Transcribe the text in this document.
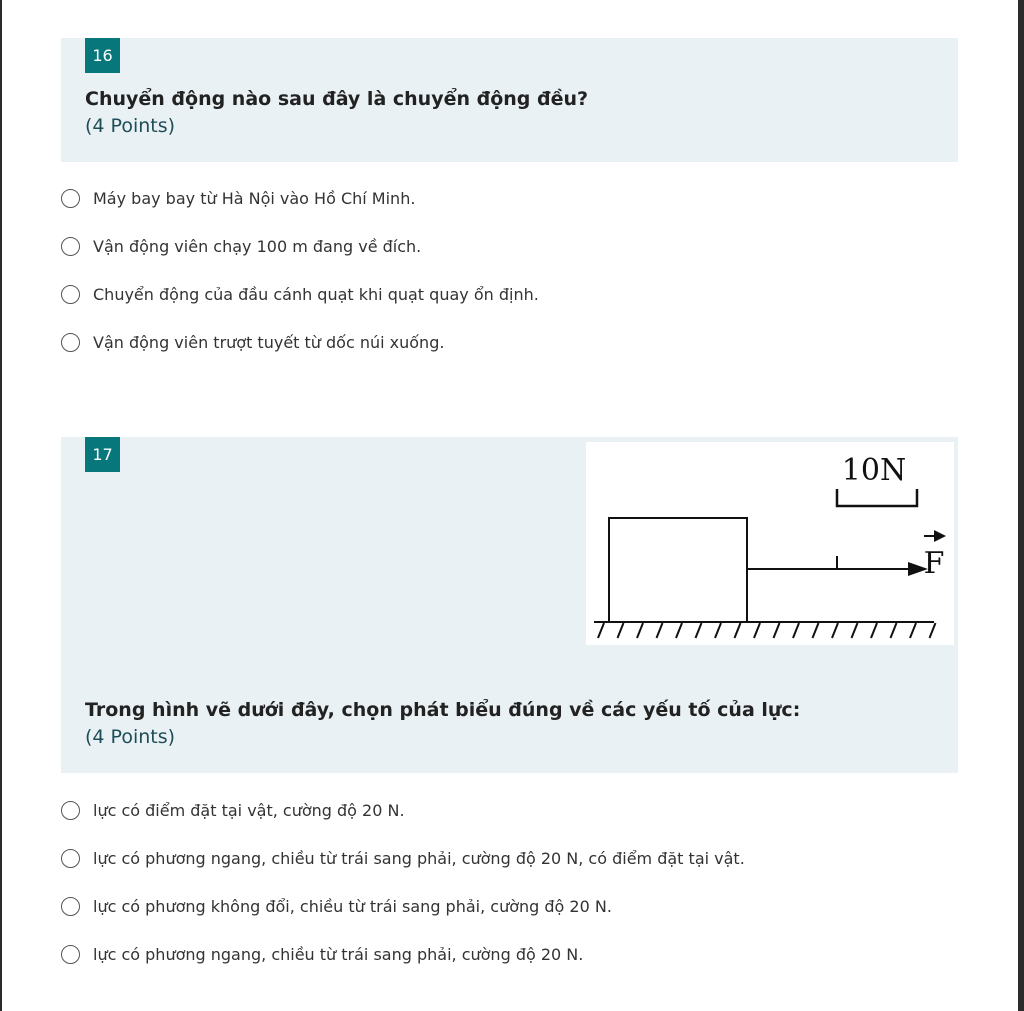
16
Chuyển động nào sau đây là chuyển động đều?
(4 Points)
Máy bay bay từ Hà Nội vào Hồ Chí Minh.
Vận động viên chạy 100 m đang về đích.
Chuyển động của đầu cánh quạt khi quạt quay ổn định.
Vận động viên trượt tuyết từ dốc núi xuống.
17
Trong hình vẽ dưới đây, chọn phát biểu đúng về các yếu tố của lực:
(4 Points)
10N
F
lực có điểm đặt tại vật, cường độ 20 N.
lực có phương ngang, chiều từ trái sang phải, cường độ 20 N, có điểm đặt tại vật.
lực có phương không đổi, chiều từ trái sang phải, cường độ 20 N.
lực có phương ngang, chiều từ trái sang phải, cường độ 20 N.
